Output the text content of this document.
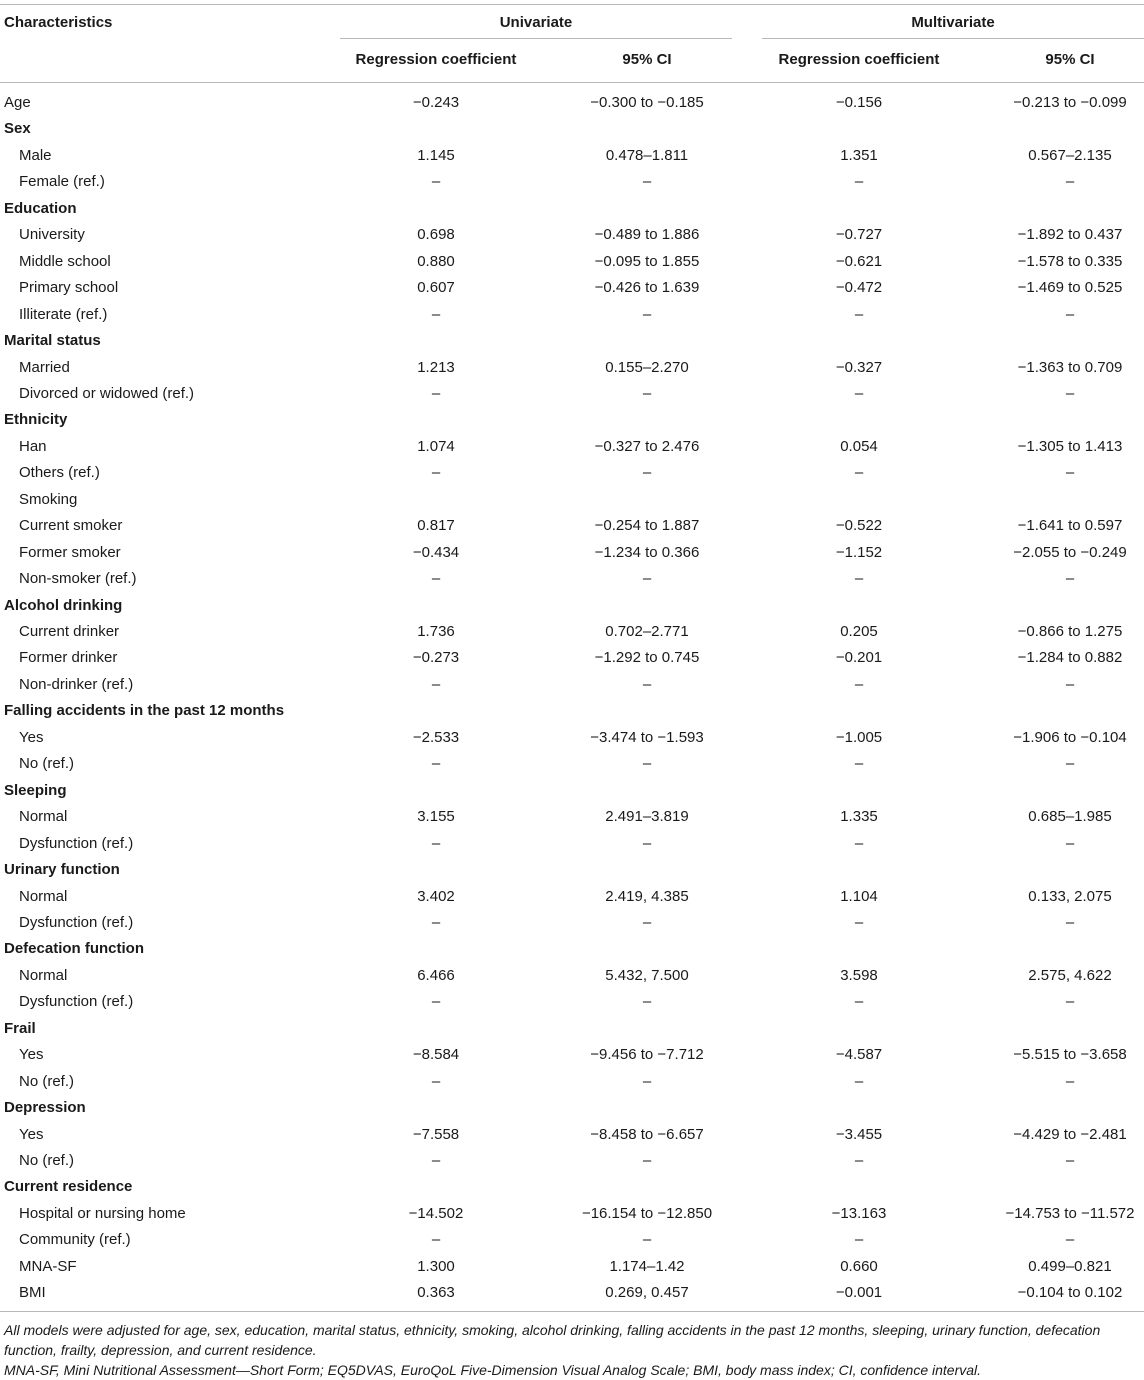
Characteristics	Univariate	Multivariate
Regression coefficient	95% CI	Regression coefficient	95% CI
Age	−0.243	−0.300 to −0.185	−0.156	−0.213 to −0.099
Sex
Male	1.145	0.478–1.811	1.351	0.567–2.135
Female (ref.)	–	–	–	–
Education
University	0.698	−0.489 to 1.886	−0.727	−1.892 to 0.437
Middle school	0.880	−0.095 to 1.855	−0.621	−1.578 to 0.335
Primary school	0.607	−0.426 to 1.639	−0.472	−1.469 to 0.525
Illiterate (ref.)	–	–	–	–
Marital status
Married	1.213	0.155–2.270	−0.327	−1.363 to 0.709
Divorced or widowed (ref.)	–	–	–	–
Ethnicity
Han	1.074	−0.327 to 2.476	0.054	−1.305 to 1.413
Others (ref.)	–	–	–	–
Smoking
Current smoker	0.817	−0.254 to 1.887	−0.522	−1.641 to 0.597
Former smoker	−0.434	−1.234 to 0.366	−1.152	−2.055 to −0.249
Non-smoker (ref.)	–	–	–	–
Alcohol drinking
Current drinker	1.736	0.702–2.771	0.205	−0.866 to 1.275
Former drinker	−0.273	−1.292 to 0.745	−0.201	−1.284 to 0.882
Non-drinker (ref.)	–	–	–	–
Falling accidents in the past 12 months
Yes	−2.533	−3.474 to −1.593	−1.005	−1.906 to −0.104
No (ref.)	–	–	–	–
Sleeping
Normal	3.155	2.491–3.819	1.335	0.685–1.985
Dysfunction (ref.)	–	–	–	–
Urinary function
Normal	3.402	2.419, 4.385	1.104	0.133, 2.075
Dysfunction (ref.)	–	–	–	–
Defecation function
Normal	6.466	5.432, 7.500	3.598	2.575, 4.622
Dysfunction (ref.)	–	–	–	–
Frail
Yes	−8.584	−9.456 to −7.712	−4.587	−5.515 to −3.658
No (ref.)	–	–	–	–
Depression
Yes	−7.558	−8.458 to −6.657	−3.455	−4.429 to −2.481
No (ref.)	–	–	–	–
Current residence
Hospital or nursing home	−14.502	−16.154 to −12.850	−13.163	−14.753 to −11.572
Community (ref.)	–	–	–	–
MNA-SF	1.300	1.174–1.42	0.660	0.499–0.821
BMI	0.363	0.269, 0.457	−0.001	−0.104 to 0.102

All models were adjusted for age, sex, education, marital status, ethnicity, smoking, alcohol drinking, falling accidents in the past 12 months, sleeping, urinary function, defecation function, frailty, depression, and current residence.

MNA-SF, Mini Nutritional Assessment—Short Form; EQ5DVAS, EuroQoL Five-Dimension Visual Analog Scale; BMI, body mass index; CI, confidence interval.
